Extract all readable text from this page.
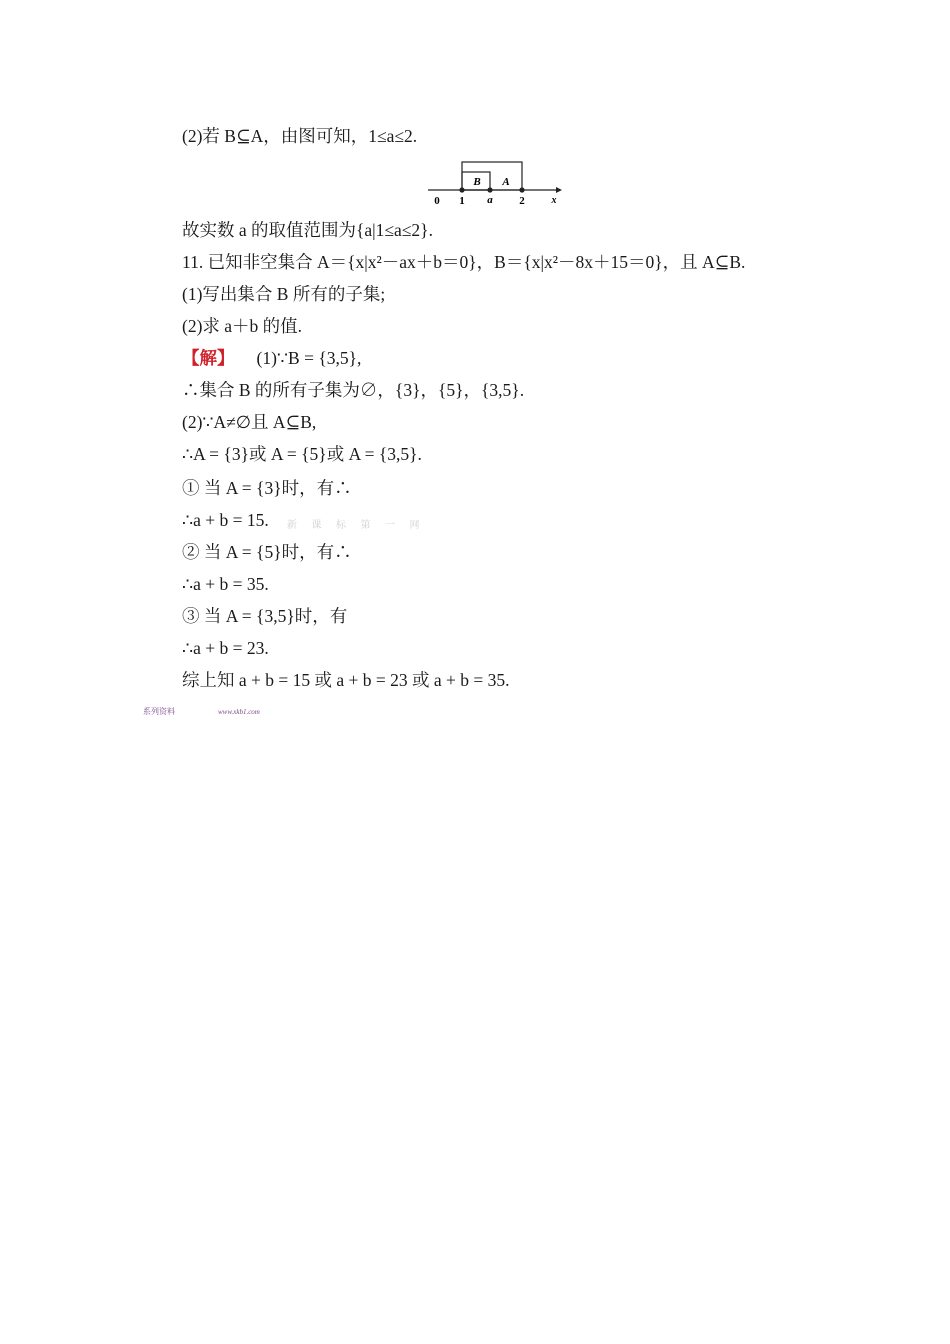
(2)若 B⊆A，由图可知，1≤a≤2.
B A
0 1 a 2	x
故实数 a 的取值范围为{a|1≤a≤2}.
11. 已知非空集合 A＝{x|x²－ax＋b＝0}，B＝{x|x²－8x＋15＝0}，且 A⊆B.
(1)写出集合 B 所有的子集;
(2)求 a＋b 的值.
【解】 (1)∵B = {3,5},
∴集合 B 的所有子集为∅，{3}，{5}，{3,5}.
(2)∵A≠∅且 A⊆B,
∴A = {3}或 A = {5}或 A = {3,5}.
① 当 A = {3}时，有∴
∴a + b = 15. 新 课 标 第 一 网
② 当 A = {5}时，有∴
∴a + b = 35.
③ 当 A = {3,5}时，有
∴a + b = 23.
综上知 a + b = 15 或 a + b = 23 或 a + b = 35.
系列资料	www.xkb1.com
